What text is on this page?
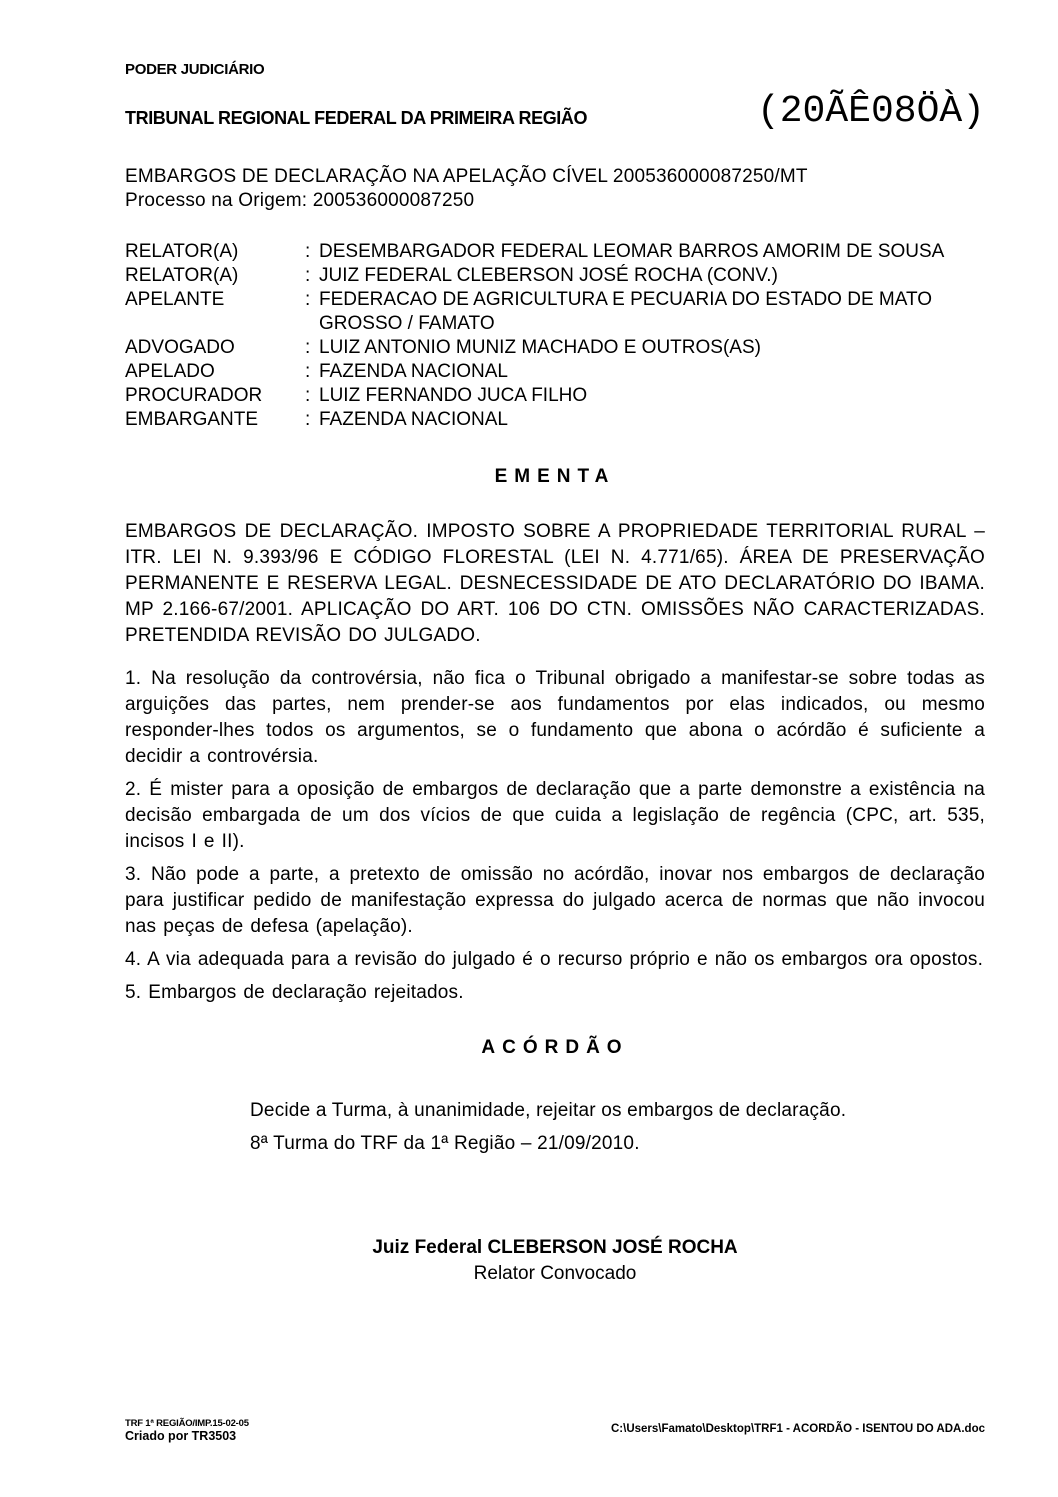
PODER JUDICIÁRIO
TRIBUNAL REGIONAL FEDERAL DA PRIMEIRA REGIÃO	(20ÃÊ08ÖÀ)
EMBARGOS DE DECLARAÇÃO NA APELAÇÃO CÍVEL 200536000087250/MT
Processo na Origem: 200536000087250
RELATOR(A)	: DESEMBARGADOR FEDERAL LEOMAR BARROS AMORIM DE SOUSA
RELATOR(A)	: JUIZ FEDERAL CLEBERSON JOSÉ ROCHA (CONV.)
APELANTE	: FEDERACAO DE AGRICULTURA E PECUARIA DO ESTADO DE MATO GROSSO / FAMATO
ADVOGADO	: LUIZ ANTONIO MUNIZ MACHADO E OUTROS(AS)
APELADO	: FAZENDA NACIONAL
PROCURADOR	: LUIZ FERNANDO JUCA FILHO
EMBARGANTE	: FAZENDA NACIONAL
EMENTA

EMBARGOS DE DECLARAÇÃO. IMPOSTO SOBRE A PROPRIEDADE TERRITORIAL RURAL – ITR. LEI N. 9.393/96 E CÓDIGO FLORESTAL (LEI N. 4.771/65). ÁREA DE PRESERVAÇÃO PERMANENTE E RESERVA LEGAL. DESNECESSIDADE DE ATO DECLARATÓRIO DO IBAMA. MP 2.166-67/2001. APLICAÇÃO DO ART. 106 DO CTN. OMISSÕES NÃO CARACTERIZADAS. PRETENDIDA REVISÃO DO JULGADO.

1. Na resolução da controvérsia, não fica o Tribunal obrigado a manifestar-se sobre todas as arguições das partes, nem prender-se aos fundamentos por elas indicados, ou mesmo responder-lhes todos os argumentos, se o fundamento que abona o acórdão é suficiente a decidir a controvérsia.

2. É mister para a oposição de embargos de declaração que a parte demonstre a existência na decisão embargada de um dos vícios de que cuida a legislação de regência (CPC, art. 535, incisos I e II).

3. Não pode a parte, a pretexto de omissão no acórdão, inovar nos embargos de declaração para justificar pedido de manifestação expressa do julgado acerca de normas que não invocou nas peças de defesa (apelação).

4. A via adequada para a revisão do julgado é o recurso próprio e não os embargos ora opostos.

5. Embargos de declaração rejeitados.

ACÓRDÃO

Decide a Turma, à unanimidade, rejeitar os embargos de declaração.

8ª Turma do TRF da 1ª Região – 21/09/2010.

Juiz Federal CLEBERSON JOSÉ ROCHA
Relator Convocado
TRF 1ª REGIÃO/IMP.15-02-05
Criado por TR3503	C:\Users\Famato\Desktop\TRF1 - ACORDÃO - ISENTOU DO ADA.doc
